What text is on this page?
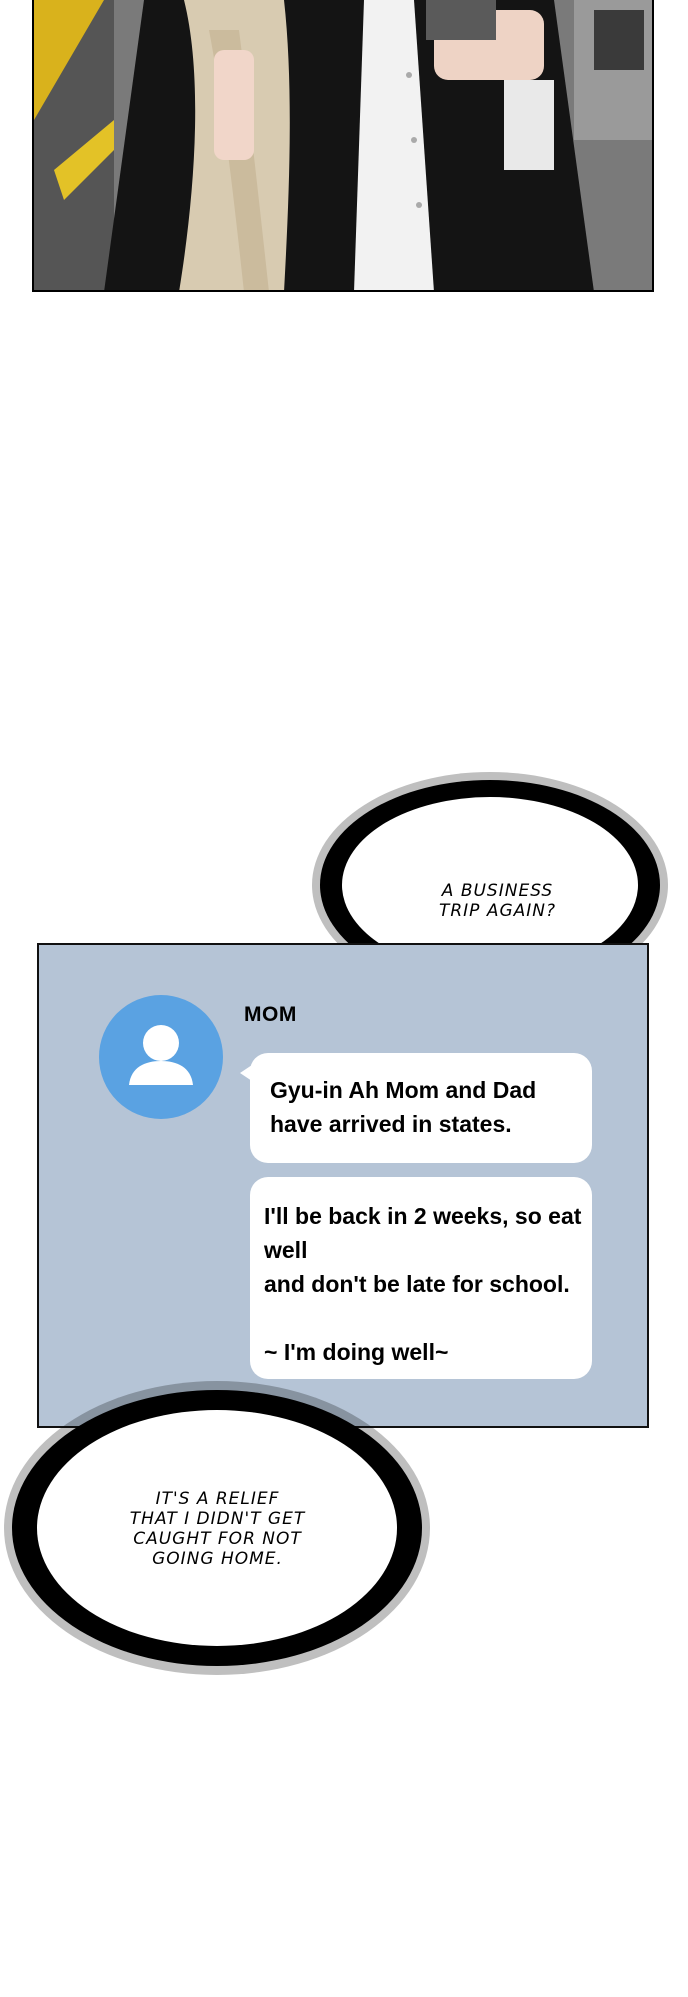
A BUSINESS
TRIP AGAIN?
MOM
Gyu-in Ah Mom and Dad
have arrived in states.
I'll be back in 2 weeks, so eat well
and don't be late for school.
~ I'm doing well~
IT'S A RELIEF
THAT I DIDN'T GET
CAUGHT FOR NOT
GOING HOME.
